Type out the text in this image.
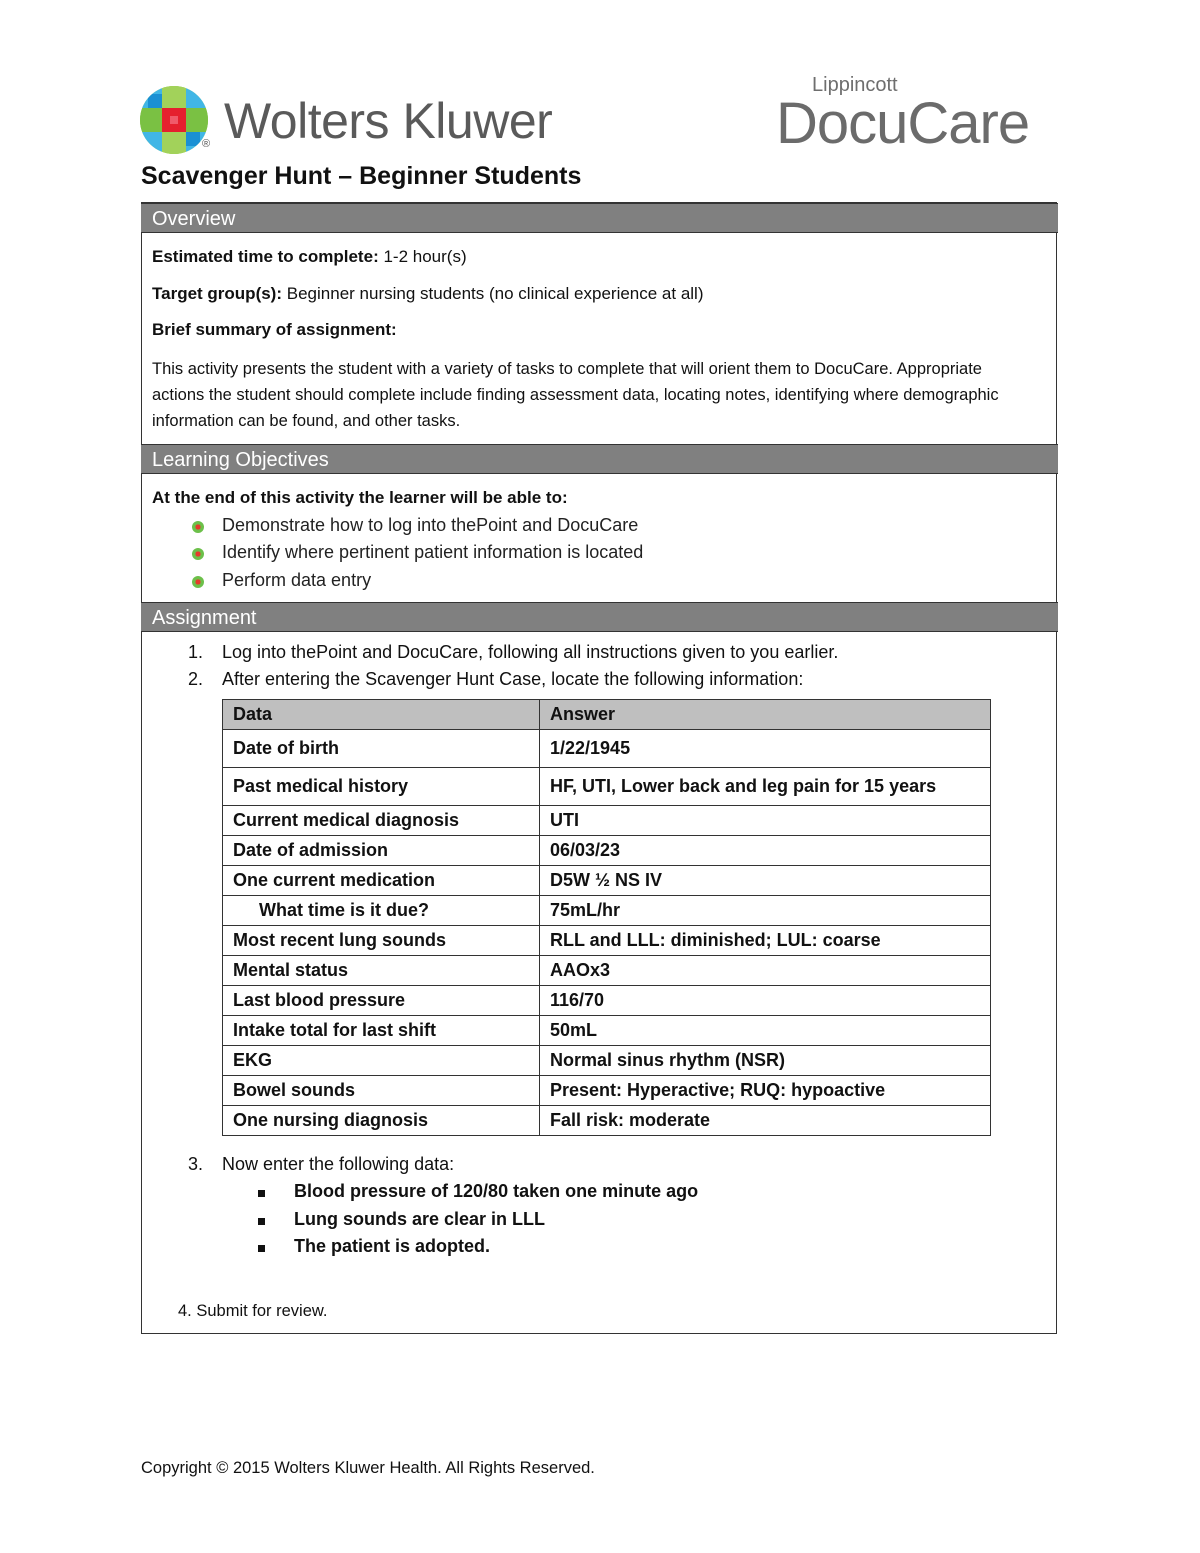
® Wolters Kluwer
Lippincott
DocuCare
Scavenger Hunt – Beginner Students
Overview
Estimated time to complete: 1-2 hour(s)
Target group(s): Beginner nursing students (no clinical experience at all)
Brief summary of assignment:
This activity presents the student with a variety of tasks to complete that will orient them to DocuCare. Appropriate actions the student should complete include finding assessment data, locating notes, identifying where demographic information can be found, and other tasks.
Learning Objectives
At the end of this activity the learner will be able to:
Demonstrate how to log into thePoint and DocuCare
Identify where pertinent patient information is located
Perform data entry
Assignment
1. Log into thePoint and DocuCare, following all instructions given to you earlier.
2. After entering the Scavenger Hunt Case, locate the following information:
Data	Answer
Date of birth	1/22/1945
Past medical history	HF, UTI, Lower back and leg pain for 15 years
Current medical diagnosis	UTI
Date of admission	06/03/23
One current medication	D5W ½ NS IV
What time is it due?	75mL/hr
Most recent lung sounds	RLL and LLL: diminished; LUL: coarse
Mental status	AAOx3
Last blood pressure	116/70
Intake total for last shift	50mL
EKG	Normal sinus rhythm (NSR)
Bowel sounds	Present: Hyperactive; RUQ: hypoactive
One nursing diagnosis	Fall risk: moderate
3. Now enter the following data:
Blood pressure of 120/80 taken one minute ago
Lung sounds are clear in LLL
The patient is adopted.
4. Submit for review.
Copyright © 2015 Wolters Kluwer Health. All Rights Reserved.
